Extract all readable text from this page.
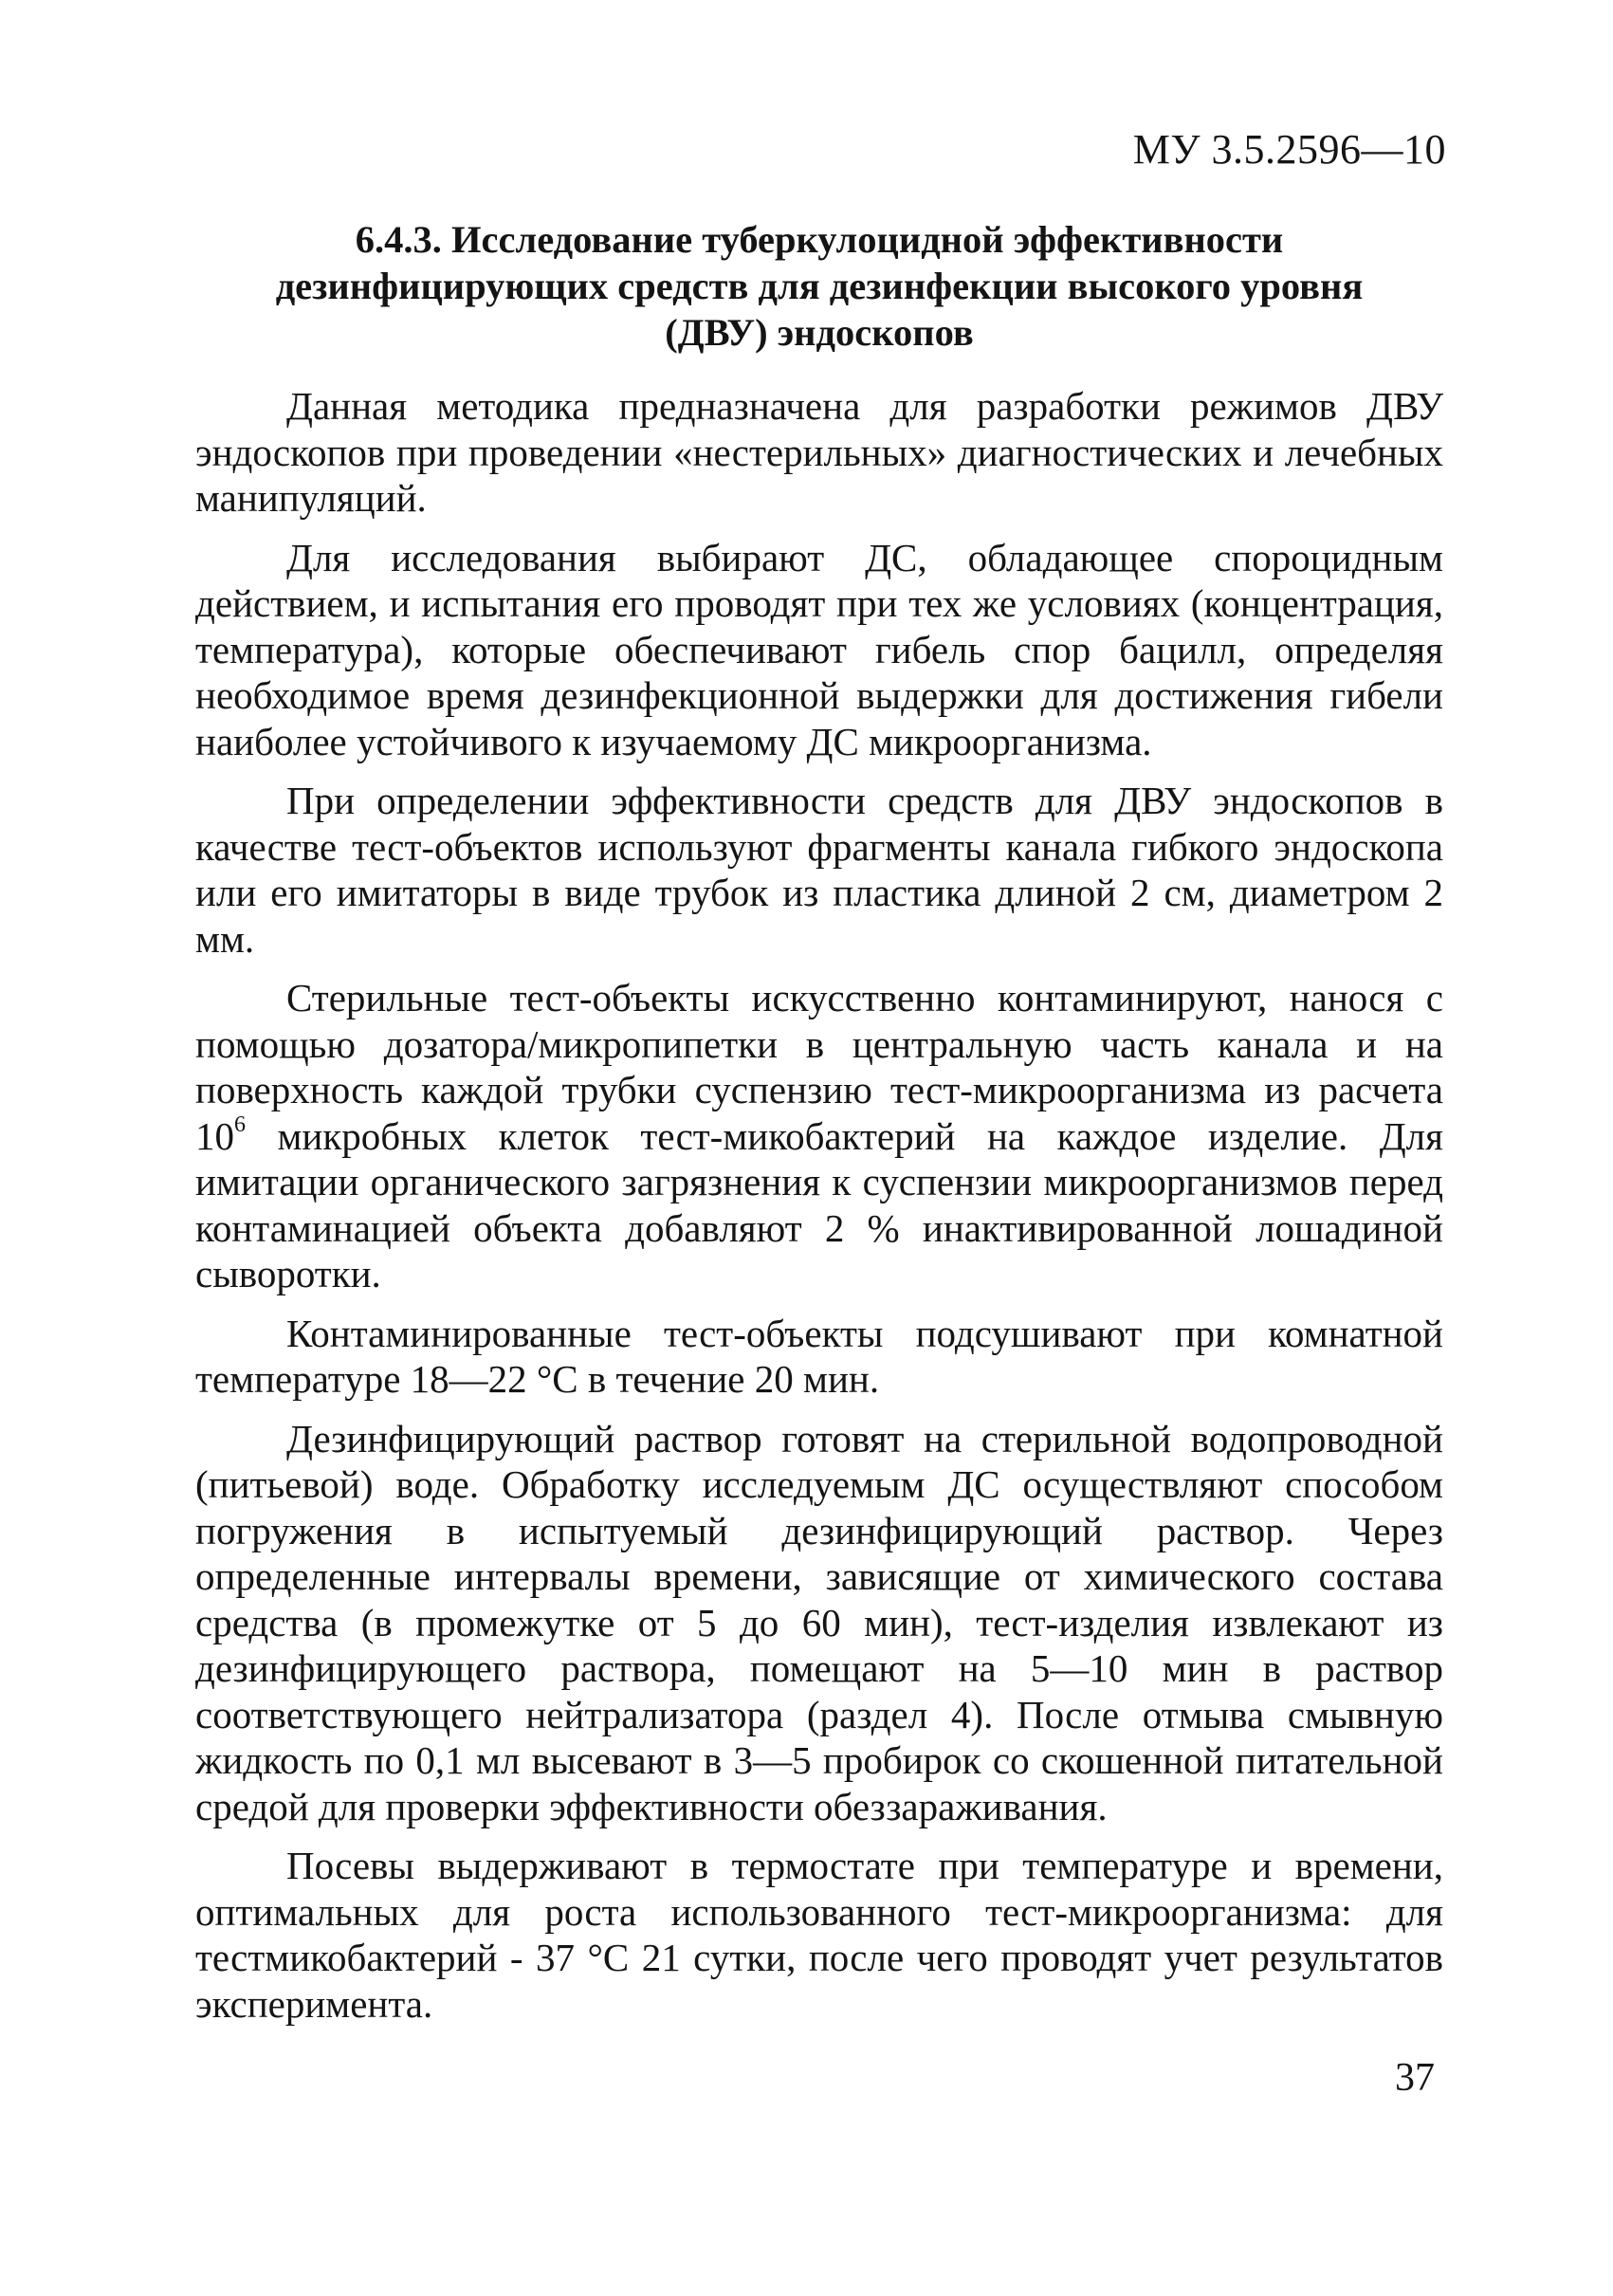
МУ 3.5.2596—10
6.4.3. Исследование туберкулоцидной эффективности дезинфицирующих средств для дезинфекции высокого уровня (ДВУ) эндоскопов

Данная методика предназначена для разработки режимов ДВУ эндоскопов при проведении «нестерильных» диагностических и лечебных манипуляций.

Для исследования выбирают ДС, обладающее спороцидным действием, и испытания его проводят при тех же условиях (концентрация, температура), которые обеспечивают гибель спор бацилл, определяя необходимое время дезинфекционной выдержки для достижения гибели наиболее устойчивого к изучаемому ДС микроорганизма.

При определении эффективности средств для ДВУ эндоскопов в качестве тест-объектов используют фрагменты канала гибкого эндоскопа или его имитаторы в виде трубок из пластика длиной 2 см, диаметром 2 мм.

Стерильные тест-объекты искусственно контаминируют, нанося с помощью дозатора/микропипетки в центральную часть канала и на поверхность каждой трубки суспензию тест-микроорганизма из расчета $10^6$ микробных клеток тест-микобактерий на каждое изделие. Для имитации органического загрязнения к суспензии микроорганизмов перед контаминацией объекта добавляют 2 % инактивированной лошадиной сыворотки.

Контаминированные тест-объекты подсушивают при комнатной температуре 18—22 °С в течение 20 мин.

Дезинфицирующий раствор готовят на стерильной водопроводной (питьевой) воде. Обработку исследуемым ДС осуществляют способом погружения в испытуемый дезинфицирующий раствор. Через определенные интервалы времени, зависящие от химического состава средства (в промежутке от 5 до 60 мин), тест-изделия извлекают из дезинфицирующего раствора, помещают на 5—10 мин в раствор соответствующего нейтрализатора (раздел 4). После отмыва смывную жидкость по 0,1 мл высевают в 3—5 пробирок со скошенной питательной средой для проверки эффективности обеззараживания.

Посевы выдерживают в термостате при температуре и времени, оптимальных для роста использованного тест-микроорганизма: для тестмикобактерий - 37 °С 21 сутки, после чего проводят учет результатов эксперимента.

37
